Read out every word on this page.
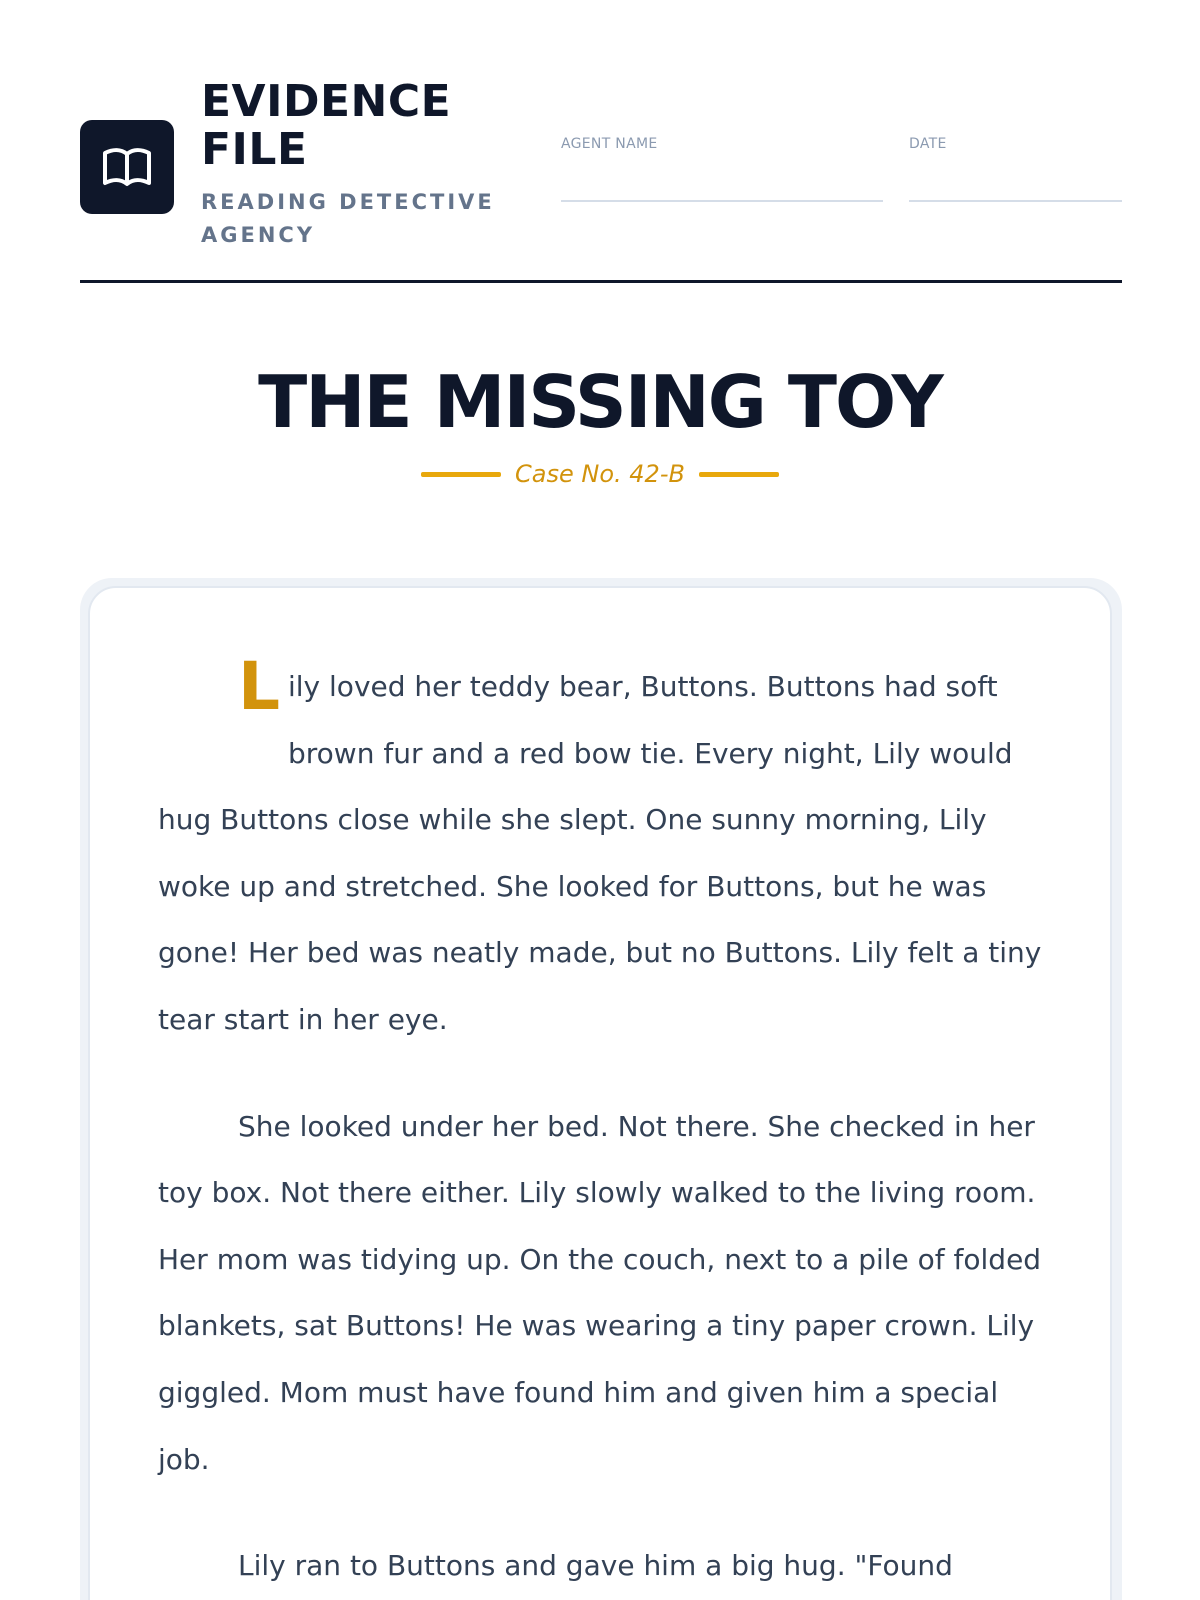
EVIDENCE FILE
READING DETECTIVE AGENCY
AGENT NAME	DATE
THE MISSING TOY
Case No. 42-B

L ily loved her teddy bear, Buttons. Buttons had soft brown fur and a red bow tie. Every night, Lily would hug Buttons close while she slept. One sunny morning, Lily woke up and stretched. She looked for Buttons, but he was gone! Her bed was neatly made, but no Buttons. Lily felt a tiny tear start in her eye.

She looked under her bed. Not there. She checked in her toy box. Not there either. Lily slowly walked to the living room. Her mom was tidying up. On the couch, next to a pile of folded blankets, sat Buttons! He was wearing a tiny paper crown. Lily giggled. Mom must have found him and given him a special job.

Lily ran to Buttons and gave him a big hug. "Found
